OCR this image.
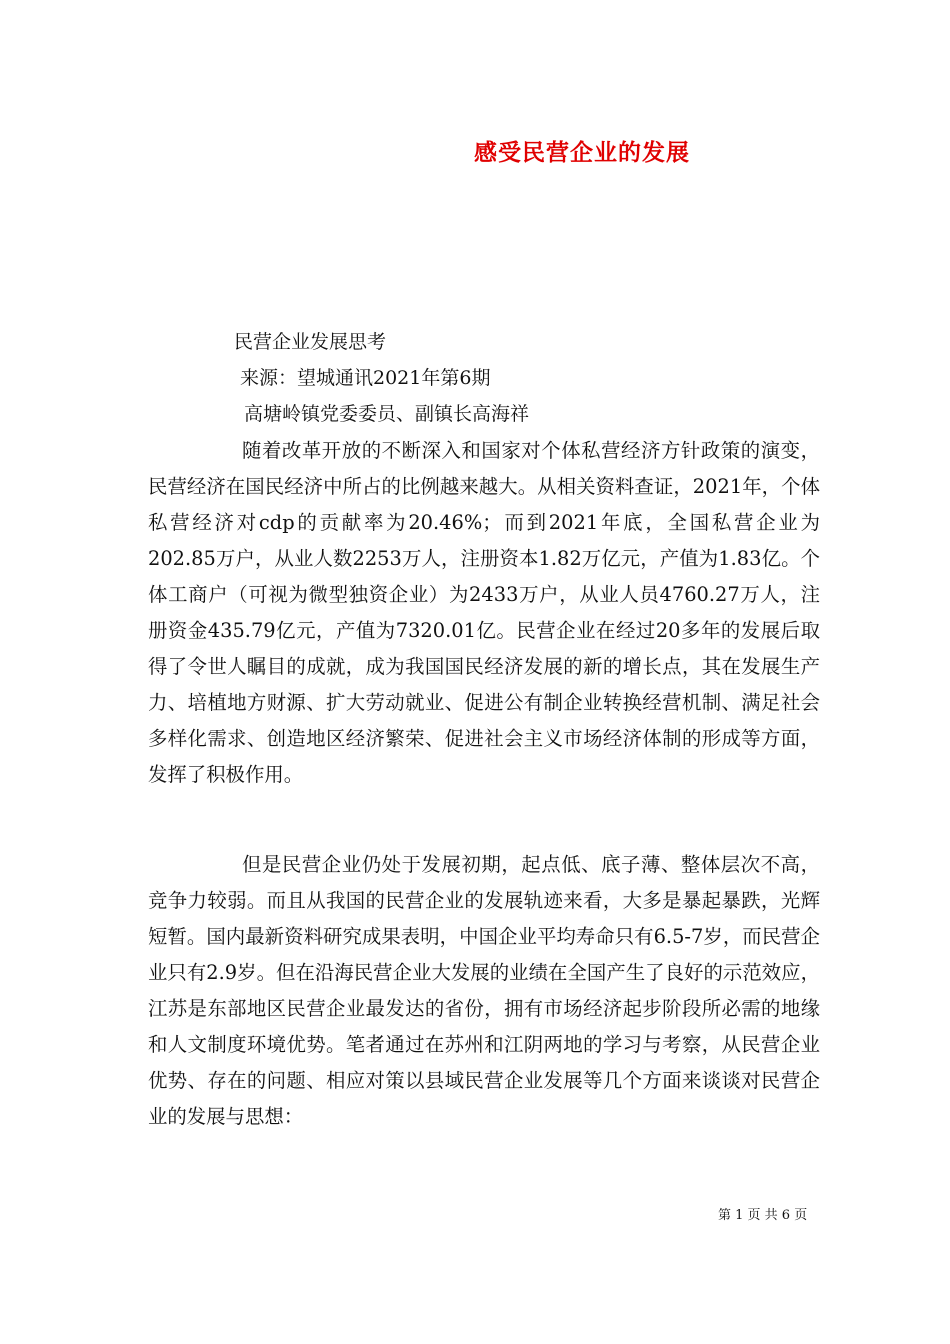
感受民营企业的发展
民营企业发展思考
来源：望城通讯2021年第6期
高塘岭镇党委委员、副镇长高海祥

随着改革开放的不断深入和国家对个体私营经济方针政策的演变，民营经济在国民经济中所占的比例越来越大。从相关资料查证，2021年，个体私营经济对cdp的贡献率为20.46%；而到2021年底，全国私营企业为202.85万户，从业人数2253万人，注册资本1.82万亿元，产值为1.83亿。个体工商户（可视为微型独资企业）为2433万户，从业人员4760.27万人，注册资金435.79亿元，产值为7320.01亿。民营企业在经过20多年的发展后取得了令世人瞩目的成就，成为我国国民经济发展的新的增长点，其在发展生产力、培植地方财源、扩大劳动就业、促进公有制企业转换经营机制、满足社会多样化需求、创造地区经济繁荣、促进社会主义市场经济体制的形成等方面，发挥了积极作用。

但是民营企业仍处于发展初期，起点低、底子薄、整体层次不高，竞争力较弱。而且从我国的民营企业的发展轨迹来看，大多是暴起暴跌，光辉短暂。国内最新资料研究成果表明，中国企业平均寿命只有6.5-7岁，而民营企业只有2.9岁。但在沿海民营企业大发展的业绩在全国产生了良好的示范效应，江苏是东部地区民营企业最发达的省份，拥有市场经济起步阶段所必需的地缘和人文制度环境优势。笔者通过在苏州和江阴两地的学习与考察，从民营企业优势、存在的问题、相应对策以县域民营企业发展等几个方面来谈谈对民营企业的发展与思想：

第 1 页 共 6 页
